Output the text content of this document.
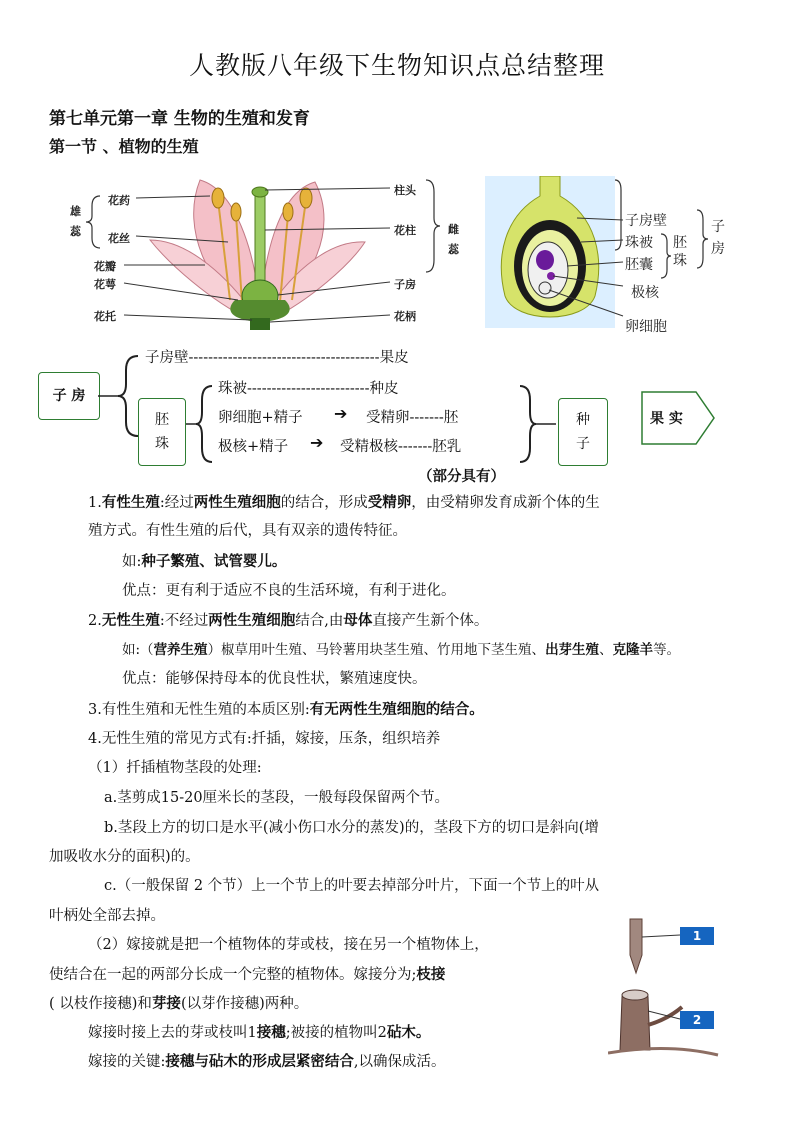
人教版八年级下生物知识点总结整理
第七单元第一章 生物的生殖和发育
第一节 、植物的生殖
花药
花丝
雄蕊
花瓣
花萼
花托
柱头
花柱
子房
花柄
雌蕊
子房壁
珠被
胚囊
胚珠
子房
极核
卵细胞
子 房
子房壁---------------------------------------果皮
胚珠
珠被-------------------------种皮
卵细胞+精子 ➔ 受精卵-------胚
极核+精子 ➔ 受精极核-------胚乳
种子
果 实
（部分具有）
1.有性生殖:经过两性生殖细胞的结合，形成受精卵，由受精卵发育成新个体的生
殖方式。有性生殖的后代，具有双亲的遗传特征。
如:种子繁殖、试管婴儿。
优点：更有利于适应不良的生活环境，有利于进化。
2.无性生殖:不经过两性生殖细胞结合,由母体直接产生新个体。
如:（营养生殖）椒草用叶生殖、马铃薯用块茎生殖、竹用地下茎生殖、出芽生殖、克隆羊等。
优点：能够保持母本的优良性状，繁殖速度快。
3.有性生殖和无性生殖的本质区别:有无两性生殖细胞的结合。
4.无性生殖的常见方式有:扦插，嫁接，压条，组织培养
（1）扦插植物茎段的处理:
a.茎剪成15-20厘米长的茎段，一般每段保留两个节。
b.茎段上方的切口是水平(减小伤口水分的蒸发)的，茎段下方的切口是斜向(增
加吸收水分的面积)的。
c.（一般保留 2 个节）上一个节上的叶要去掉部分叶片，下面一个节上的叶从
叶柄处全部去掉。
（2）嫁接就是把一个植物体的芽或枝，接在另一个植物体上，
使结合在一起的两部分长成一个完整的植物体。嫁接分为;枝接
( 以枝作接穗)和芽接(以芽作接穗)两种。
嫁接时接上去的芽或枝叫1接穗;被接的植物叫2砧木。
嫁接的关键:接穗与砧木的形成层紧密结合,以确保成活。
1
2
